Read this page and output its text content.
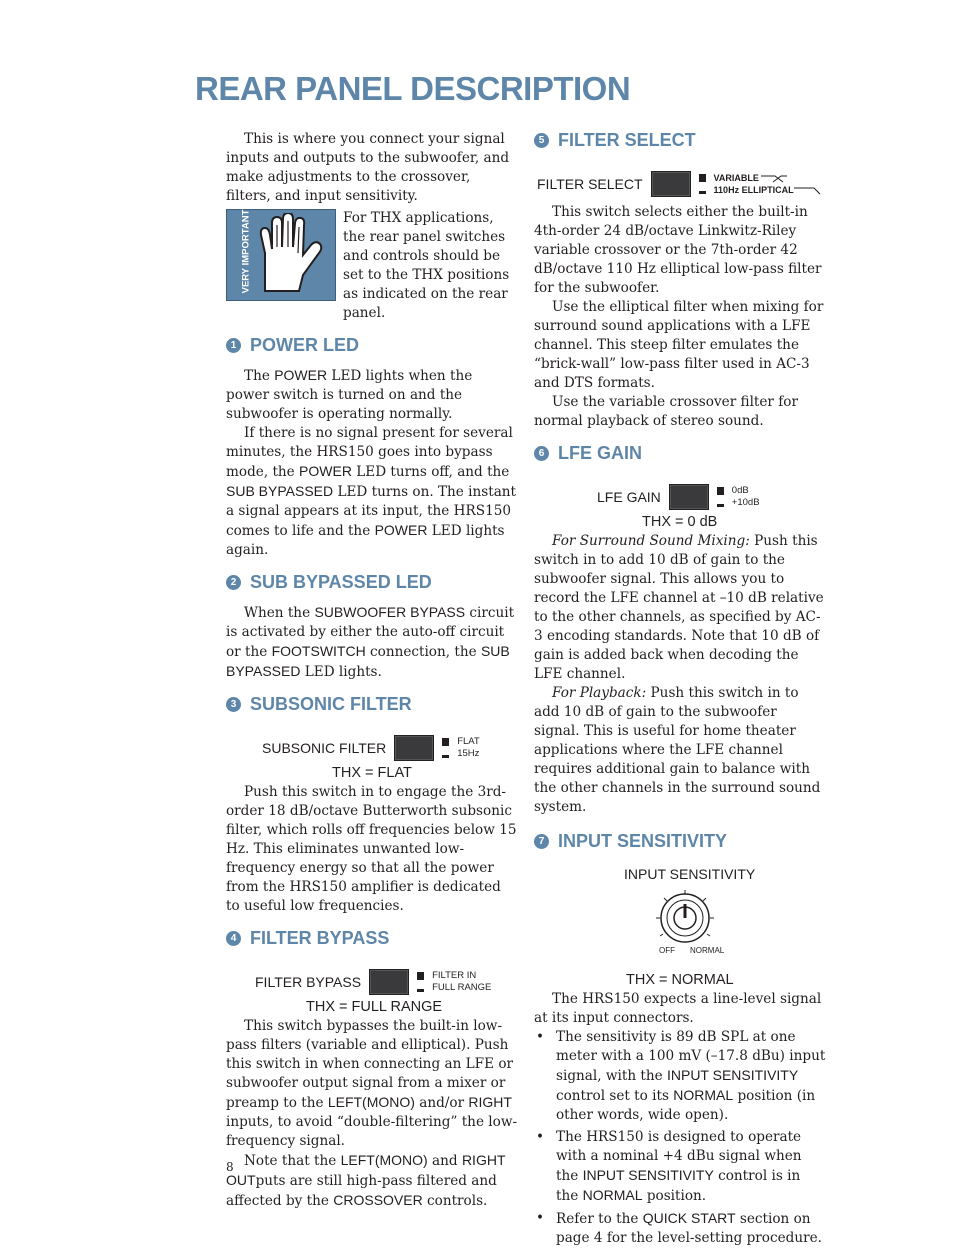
REAR PANEL DESCRIPTION

This is where you connect your signal inputs and outputs to the subwoofer, and make adjustments to the crossover, filters, and input sensitivity.

VERY IMPORTANT	For THX applications, the rear panel switches and controls should be set to the THX positions as indicated on the rear panel.

1 POWER LED

The POWER LED lights when the power switch is turned on and the subwoofer is operating normally.

If there is no signal present for several minutes, the HRS150 goes into bypass mode, the POWER LED turns off, and the SUB BYPASSED LED turns on. The instant a signal appears at its input, the HRS150 comes to life and the POWER LED lights again.

2 SUB BYPASSED LED

When the SUBWOOFER BYPASS circuit is activated by either the auto-off circuit or the FOOTSWITCH connection, the SUB BYPASSED LED lights.

3 SUBSONIC FILTER
SUBSONIC FILTER	FLAT
15Hz
THX = FLAT

Push this switch in to engage the 3rd-order 18 dB/octave Butterworth subsonic filter, which rolls off frequencies below 15 Hz. This eliminates unwanted low-frequency energy so that all the power from the HRS150 amplifier is dedicated to useful low frequencies.

4 FILTER BYPASS
FILTER BYPASS	FILTER IN
FULL RANGE
THX = FULL RANGE

This switch bypasses the built-in low-pass filters (variable and elliptical). Push this switch in when connecting an LFE or subwoofer output signal from a mixer or preamp to the LEFT(MONO) and/or RIGHT inputs, to avoid “double-filtering” the low-frequency signal.

Note that the LEFT(MONO) and RIGHT OUTputs are still high-pass filtered and affected by the CROSSOVER controls.

5 FILTER SELECT
FILTER SELECT	VARIABLE
110Hz ELLIPTICAL

This switch selects either the built-in 4th-order 24 dB/octave Linkwitz-Riley variable crossover or the 7th-order 42 dB/octave 110 Hz elliptical low-pass filter for the subwoofer.

Use the elliptical filter when mixing for surround sound applications with a LFE channel. This steep filter emulates the “brick-wall” low-pass filter used in AC-3 and DTS formats.

Use the variable crossover filter for normal playback of stereo sound.

6 LFE GAIN
LFE GAIN	0dB
+10dB
THX = 0 dB

For Surround Sound Mixing: Push this switch in to add 10 dB of gain to the subwoofer signal. This allows you to record the LFE channel at –10 dB relative to the other channels, as specified by AC-3 encoding standards. Note that 10 dB of gain is added back when decoding the LFE channel.

For Playback: Push this switch in to add 10 dB of gain to the subwoofer signal. This is useful for home theater applications where the LFE channel requires additional gain to balance with the other channels in the surround sound system.

7 INPUT SENSITIVITY
INPUT SENSITIVITY
OFF NORMAL
THX = NORMAL

The HRS150 expects a line-level signal at its input connectors.

• The sensitivity is 89 dB SPL at one meter with a 100 mV (–17.8 dBu) input signal, with the INPUT SENSITIVITY control set to its NORMAL position (in other words, wide open).
• The HRS150 is designed to operate with a nominal +4 dBu signal when the INPUT SENSITIVITY control is in the NORMAL position.
• Refer to the QUICK START section on page 4 for the level-setting procedure.
8
